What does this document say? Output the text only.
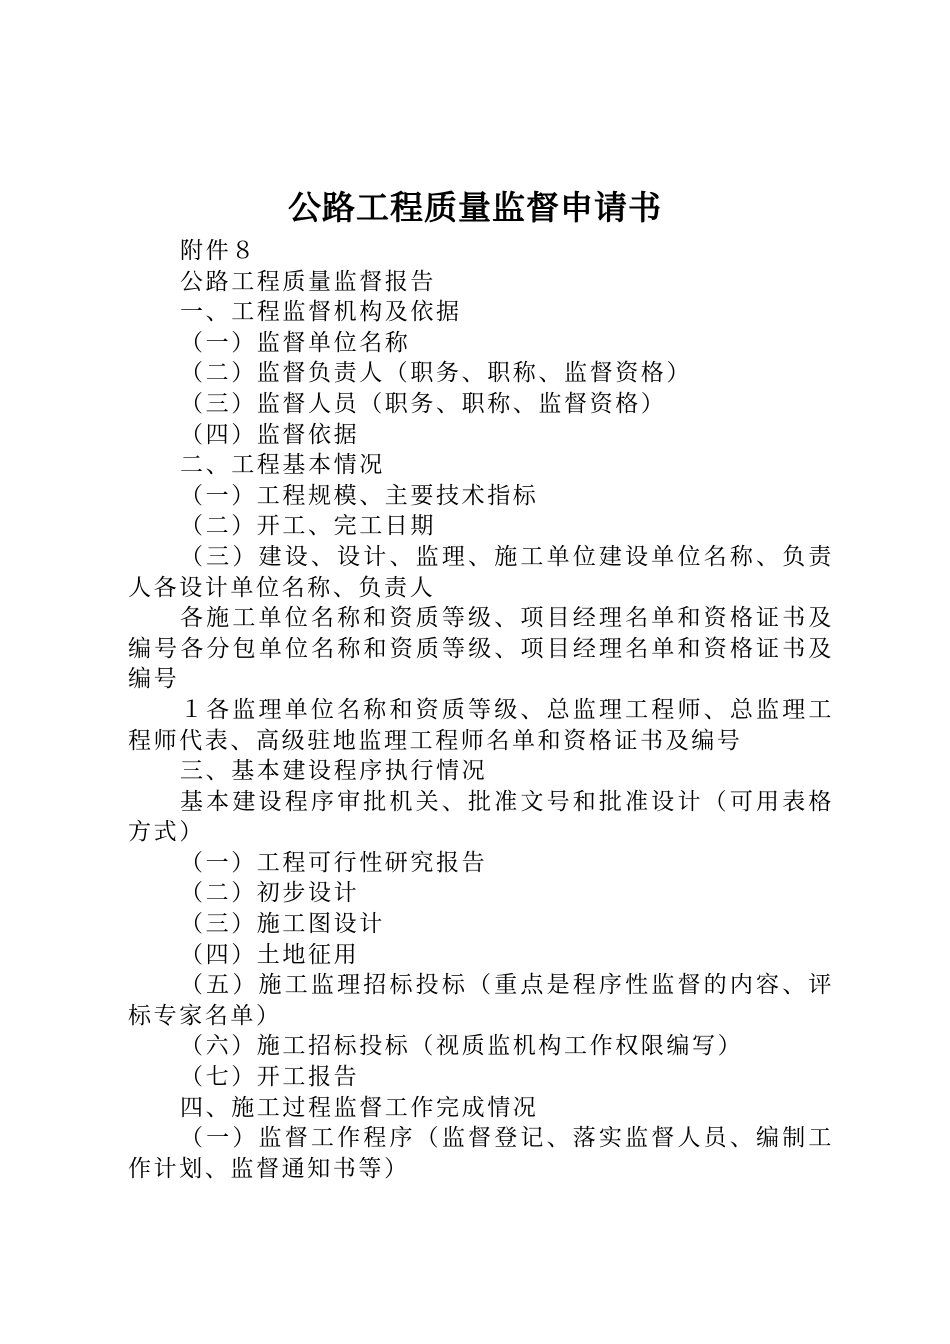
公路工程质量监督申请书

附件８

公路工程质量监督报告

一、工程监督机构及依据

（一）监督单位名称

（二）监督负责人（职务、职称、监督资格）

（三）监督人员（职务、职称、监督资格）

（四）监督依据

二、工程基本情况

（一）工程规模、主要技术指标

（二）开工、完工日期

（三）建设、设计、监理、施工单位建设单位名称、负责人各设计单位名称、负责人

各施工单位名称和资质等级、项目经理名单和资格证书及编号各分包单位名称和资质等级、项目经理名单和资格证书及编号

１各监理单位名称和资质等级、总监理工程师、总监理工程师代表、高级驻地监理工程师名单和资格证书及编号

三、基本建设程序执行情况

基本建设程序审批机关、批准文号和批准设计（可用表格方式）

（一）工程可行性研究报告

（二）初步设计

（三）施工图设计

（四）土地征用

（五）施工监理招标投标（重点是程序性监督的内容、评标专家名单）

（六）施工招标投标（视质监机构工作权限编写）

（七）开工报告

四、施工过程监督工作完成情况

（一）监督工作程序（监督登记、落实监督人员、编制工作计划、监督通知书等）
